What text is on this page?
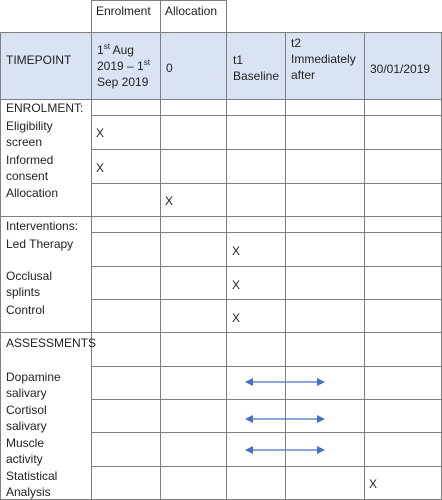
Enrolment Allocation
TIMEPOINT
1st Aug
2019 – 1st
Sep 2019
0
t1
Baseline
t2
Immediately
after	30/01/2019
ENROLMENT:
Eligibility
screen
Informed
consent
Allocation
X
X
X
Interventions:
Led Therapy
Occlusal
splints
Control
X
X
X
ASSESSMENTS
Dopamine
salivary
Cortisol
salivary
Muscle
activity
Statistical
Analysis
X
